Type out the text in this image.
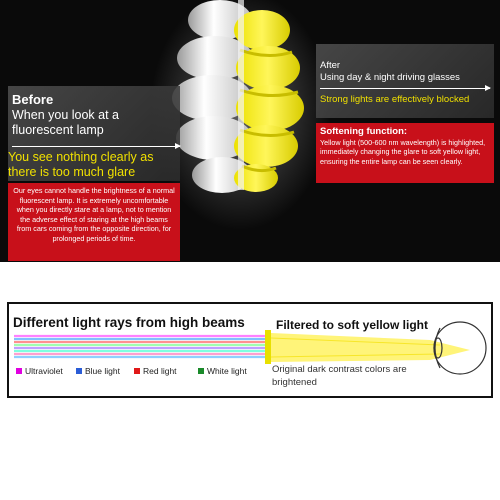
Before
When you look at a fluorescent lamp
You see nothing clearly as there is too much glare
Our eyes cannot handle the brightness of a normal fluorescent lamp. It is extremely uncomfortable when you directly stare at a lamp, not to mention the adverse effect of staring at the high beams from cars coming from the opposite direction, for prolonged periods of time.
After
Using day & night driving glasses
Strong lights are effectively blocked
Softening function:
Yellow light (500-600 nm wavelength) is highlighted, immediately changing the glare to soft yellow light, ensuring the entire lamp can be seen clearly.
Different light rays from high beams	Filtered to soft yellow light
Ultraviolet	Blue light	Red light	White light	Original dark contrast colors are brightened
